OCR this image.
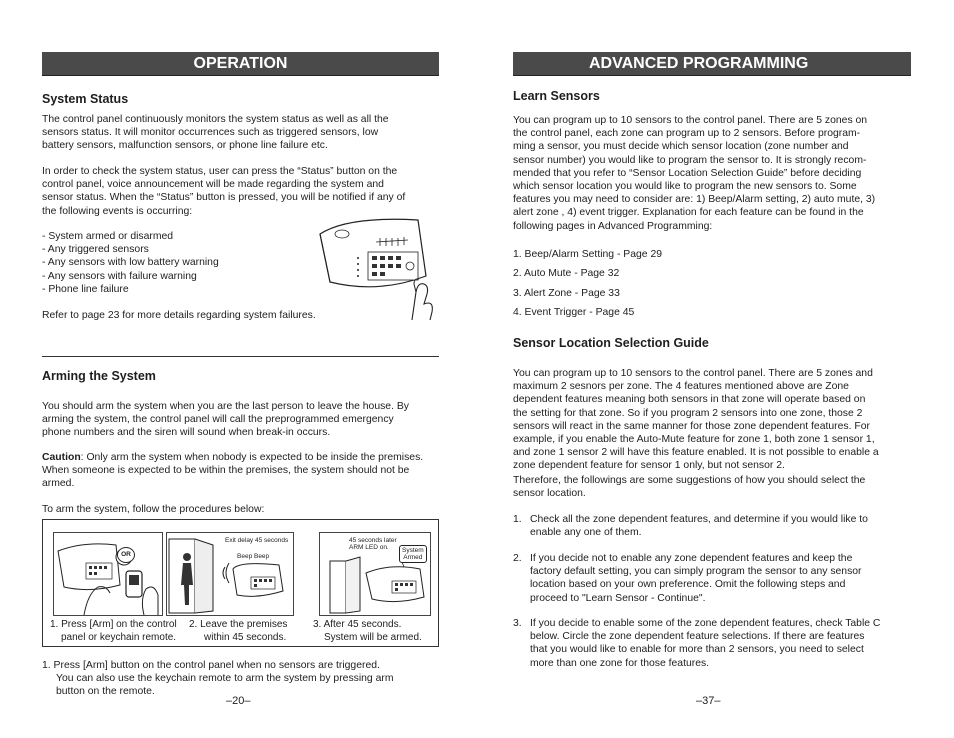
OPERATION
System Status
The control panel continuously monitors the system status as well as all the
sensors status. It will monitor occurrences such as triggered sensors, low
battery sensors, malfunction sensors, or phone line failure etc.
In order to check the system status, user can press the “Status” button on the
control panel, voice announcement will be made regarding the system and
sensor status. When the “Status” button is pressed, you will be notified if any of
the following events is occurring:
- System armed or disarmed
- Any triggered sensors
- Any sensors with low battery warning
- Any sensors with failure warning
- Phone line failure
Refer to page 23 for more details regarding system failures.
Arming the System
You should arm the system when you are the last person to leave the house. By
arming the system, the control panel will call the preprogrammed emergency
phone numbers and the siren will sound when break-in occurs.
Caution: Only arm the system when nobody is expected to be inside the premises.
When someone is expected to be within the premises, the system should not be
armed.
To arm the system, follow the procedures below:
OR
Exit delay 45 seconds
Beep Beep
45 seconds later
ARM LED on.	System
Armed
1. Press [Arm] on the control
panel or keychain remote.
2. Leave the premises
within 45 seconds.
3. After 45 seconds.
System will be armed.
1. Press [Arm] button on the control panel when no sensors are triggered.
You can also use the keychain remote to arm the system by pressing arm
button on the remote.
–20–
ADVANCED PROGRAMMING
Learn Sensors
You can program up to 10 sensors to the control panel. There are 5 zones on
the control panel, each zone can program up to 2 sensors. Before program-
ming a sensor, you must decide which sensor location (zone number and
sensor number) you would like to program the sensor to. It is strongly recom-
mended that you refer to “Sensor Location Selection Guide” before deciding
which sensor location you would like to program the new sensors to. Some
features you may need to consider are: 1) Beep/Alarm setting, 2) auto mute, 3)
alert zone , 4) event trigger. Explanation for each feature can be found in the
following pages in Advanced Programming:
1. Beep/Alarm Setting - Page 29
2. Auto Mute - Page 32
3. Alert Zone - Page 33
4. Event Trigger - Page 45
Sensor Location Selection Guide
You can program up to 10 sensors to the control panel. There are 5 zones and
maximum 2 sesnors per zone. The 4 features mentioned above are Zone
dependent features meaning both sensors in that zone will operate based on
the setting for that zone. So if you program 2 sensors into one zone, those 2
sensors will react in the same manner for those zone dependent features. For
example, if you enable the Auto-Mute feature for zone 1, both zone 1 sensor 1,
and zone 1 sensor 2 will have this feature enabled. It is not possible to enable a
zone dependent feature for sensor 1 only, but not sensor 2.
Therefore, the followings are some suggestions of how you should select the
sensor location.
1. Check all the zone dependent features, and determine if you would like to
enable any one of them.
2. If you decide not to enable any zone dependent features and keep the
factory default setting, you can simply program the sensor to any sensor
location based on your own preference. Omit the following steps and
proceed to "Learn Sensor - Continue".
3. If you decide to enable some of the zone dependent features, check Table C
below. Circle the zone dependent feature selections. If there are features
that you would like to enable for more than 2 sensors, you need to select
more than one zone for those features.
–37–
